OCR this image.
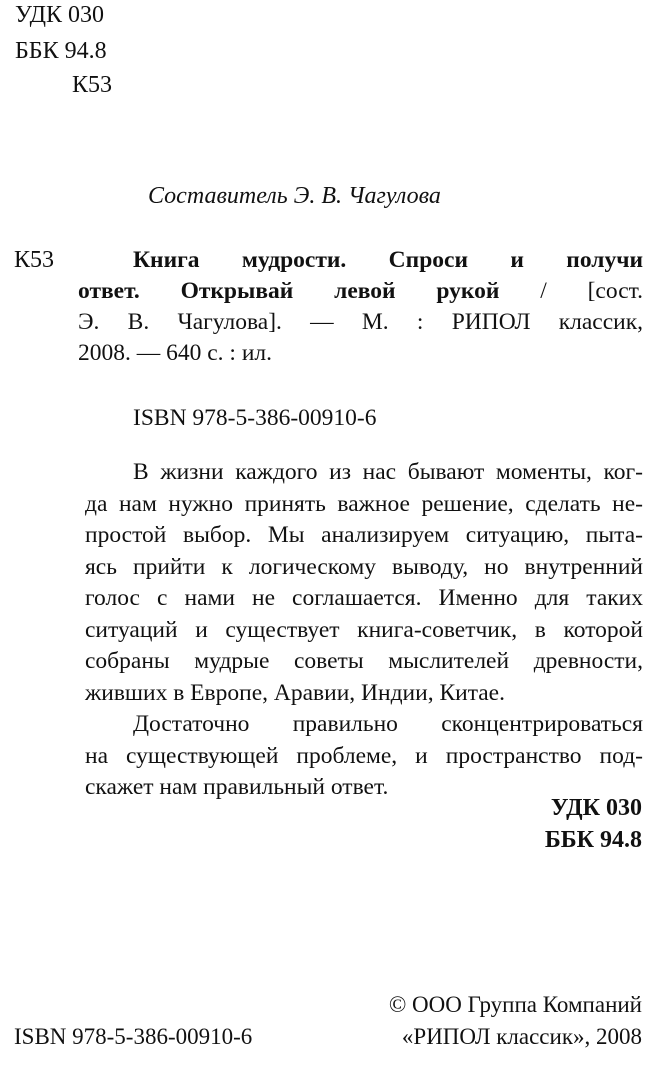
УДК 030
ББК 94.8
К53
Составитель Э. В. Чагулова
К53	Книга мудрости. Спроси и получи
ответ. Открывай левой рукой / [сост.
Э. В. Чагулова]. — М. : РИПОЛ классик,
2008. — 640 с. : ил.
ISBN 978-5-386-00910-6
В жизни каждого из нас бывают моменты, ког-
да нам нужно принять важное решение, сделать не-
простой выбор. Мы анализируем ситуацию, пыта-
ясь прийти к логическому выводу, но внутренний
голос с нами не соглашается. Именно для таких
ситуаций и существует книга-советчик, в которой
собраны мудрые советы мыслителей древности,
живших в Европе, Аравии, Индии, Китае.
Достаточно правильно сконцентрироваться
на существующей проблеме, и пространство под-
скажет нам правильный ответ.
УДК 030
ББК 94.8
© ООО Группа Компаний
ISBN 978-5-386-00910-6	«РИПОЛ классик», 2008
